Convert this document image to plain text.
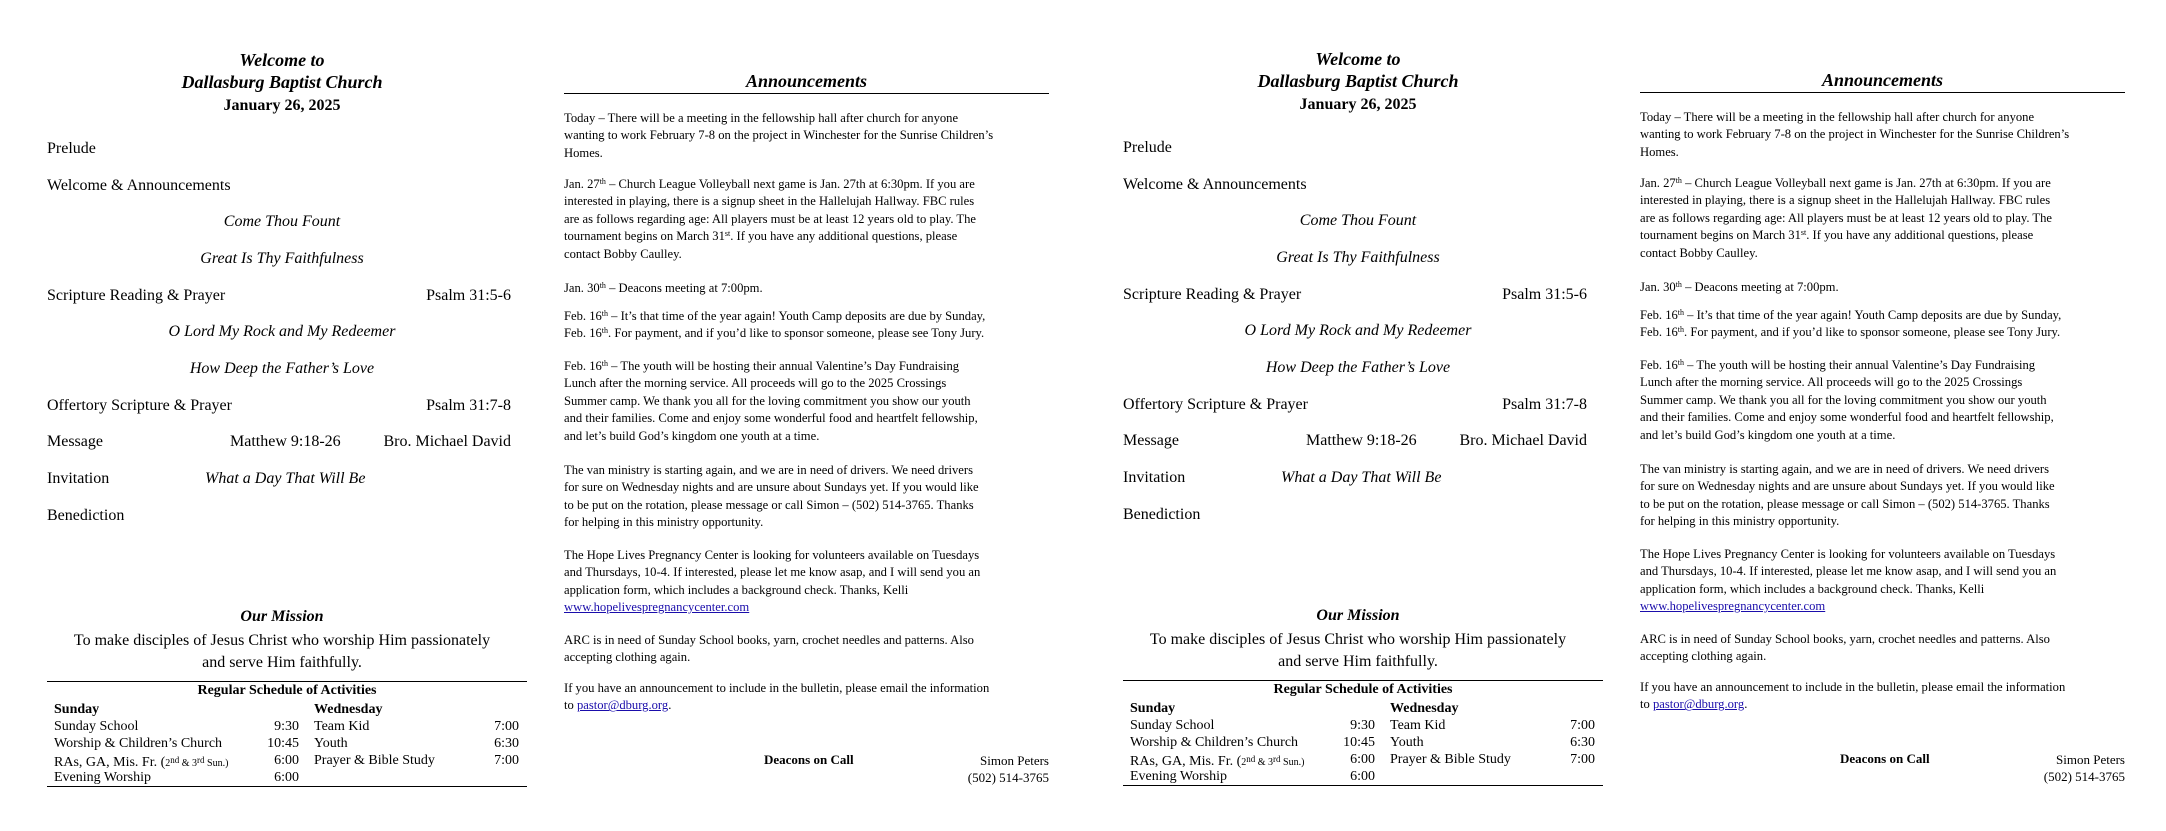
Welcome to
Dallasburg Baptist Church
January 26, 2025
Prelude
Welcome & Announcements
Come Thou Fount
Great Is Thy Faithfulness
Scripture Reading & Prayer	Psalm 31:5-6
O Lord My Rock and My Redeemer
How Deep the Father’s Love
Offertory Scripture & Prayer	Psalm 31:7-8
Message	Matthew 9:18-26	Bro. Michael David
Invitation	What a Day That Will Be
Benediction
Our Mission
To make disciples of Jesus Christ who worship Him passionately
and serve Him faithfully.
Regular Schedule of Activities
Sunday	Wednesday
Sunday School	9:30 Team Kid	7:00
Worship & Children’s Church	10:45 Youth	6:30
RAs, GA, Mis. Fr. (2nd & 3rd Sun.)	6:00 Prayer & Bible Study	7:00
Evening Worship	6:00
Announcements
Today – There will be a meeting in the fellowship hall after church for anyone
wanting to work February 7-8 on the project in Winchester for the Sunrise Children’s
Homes.
Jan. 27th – Church League Volleyball next game is Jan. 27th at 6:30pm. If you are
interested in playing, there is a signup sheet in the Hallelujah Hallway. FBC rules
are as follows regarding age: All players must be at least 12 years old to play. The
tournament begins on March 31st. If you have any additional questions, please
contact Bobby Caulley.
Jan. 30th – Deacons meeting at 7:00pm.
Feb. 16th – It’s that time of the year again! Youth Camp deposits are due by Sunday,
Feb. 16th. For payment, and if you’d like to sponsor someone, please see Tony Jury.
Feb. 16th – The youth will be hosting their annual Valentine’s Day Fundraising
Lunch after the morning service. All proceeds will go to the 2025 Crossings
Summer camp. We thank you all for the loving commitment you show our youth
and their families. Come and enjoy some wonderful food and heartfelt fellowship,
and let’s build God’s kingdom one youth at a time.
The van ministry is starting again, and we are in need of drivers. We need drivers
for sure on Wednesday nights and are unsure about Sundays yet. If you would like
to be put on the rotation, please message or call Simon – (502) 514-3765. Thanks
for helping in this ministry opportunity.
The Hope Lives Pregnancy Center is looking for volunteers available on Tuesdays
and Thursdays, 10-4. If interested, please let me know asap, and I will send you an
application form, which includes a background check. Thanks, Kelli
www.hopelivespregnancycenter.com
ARC is in need of Sunday School books, yarn, crochet needles and patterns. Also
accepting clothing again.
If you have an announcement to include in the bulletin, please email the information
to pastor@dburg.org.
Deacons on Call	Simon Peters
(502) 514-3765
Welcome to
Dallasburg Baptist Church
January 26, 2025
Prelude
Welcome & Announcements
Come Thou Fount
Great Is Thy Faithfulness
Scripture Reading & Prayer	Psalm 31:5-6
O Lord My Rock and My Redeemer
How Deep the Father’s Love
Offertory Scripture & Prayer	Psalm 31:7-8
Message	Matthew 9:18-26	Bro. Michael David
Invitation	What a Day That Will Be
Benediction
Our Mission
To make disciples of Jesus Christ who worship Him passionately
and serve Him faithfully.
Regular Schedule of Activities
Sunday	Wednesday
Sunday School	9:30 Team Kid	7:00
Worship & Children’s Church	10:45 Youth	6:30
RAs, GA, Mis. Fr. (2nd & 3rd Sun.)	6:00 Prayer & Bible Study	7:00
Evening Worship	6:00
Announcements
Today – There will be a meeting in the fellowship hall after church for anyone
wanting to work February 7-8 on the project in Winchester for the Sunrise Children’s
Homes.
Jan. 27th – Church League Volleyball next game is Jan. 27th at 6:30pm. If you are
interested in playing, there is a signup sheet in the Hallelujah Hallway. FBC rules
are as follows regarding age: All players must be at least 12 years old to play. The
tournament begins on March 31st. If you have any additional questions, please
contact Bobby Caulley.
Jan. 30th – Deacons meeting at 7:00pm.
Feb. 16th – It’s that time of the year again! Youth Camp deposits are due by Sunday,
Feb. 16th. For payment, and if you’d like to sponsor someone, please see Tony Jury.
Feb. 16th – The youth will be hosting their annual Valentine’s Day Fundraising
Lunch after the morning service. All proceeds will go to the 2025 Crossings
Summer camp. We thank you all for the loving commitment you show our youth
and their families. Come and enjoy some wonderful food and heartfelt fellowship,
and let’s build God’s kingdom one youth at a time.
The van ministry is starting again, and we are in need of drivers. We need drivers
for sure on Wednesday nights and are unsure about Sundays yet. If you would like
to be put on the rotation, please message or call Simon – (502) 514-3765. Thanks
for helping in this ministry opportunity.
The Hope Lives Pregnancy Center is looking for volunteers available on Tuesdays
and Thursdays, 10-4. If interested, please let me know asap, and I will send you an
application form, which includes a background check. Thanks, Kelli
www.hopelivespregnancycenter.com
ARC is in need of Sunday School books, yarn, crochet needles and patterns. Also
accepting clothing again.
If you have an announcement to include in the bulletin, please email the information
to pastor@dburg.org.
Deacons on Call	Simon Peters
(502) 514-3765
